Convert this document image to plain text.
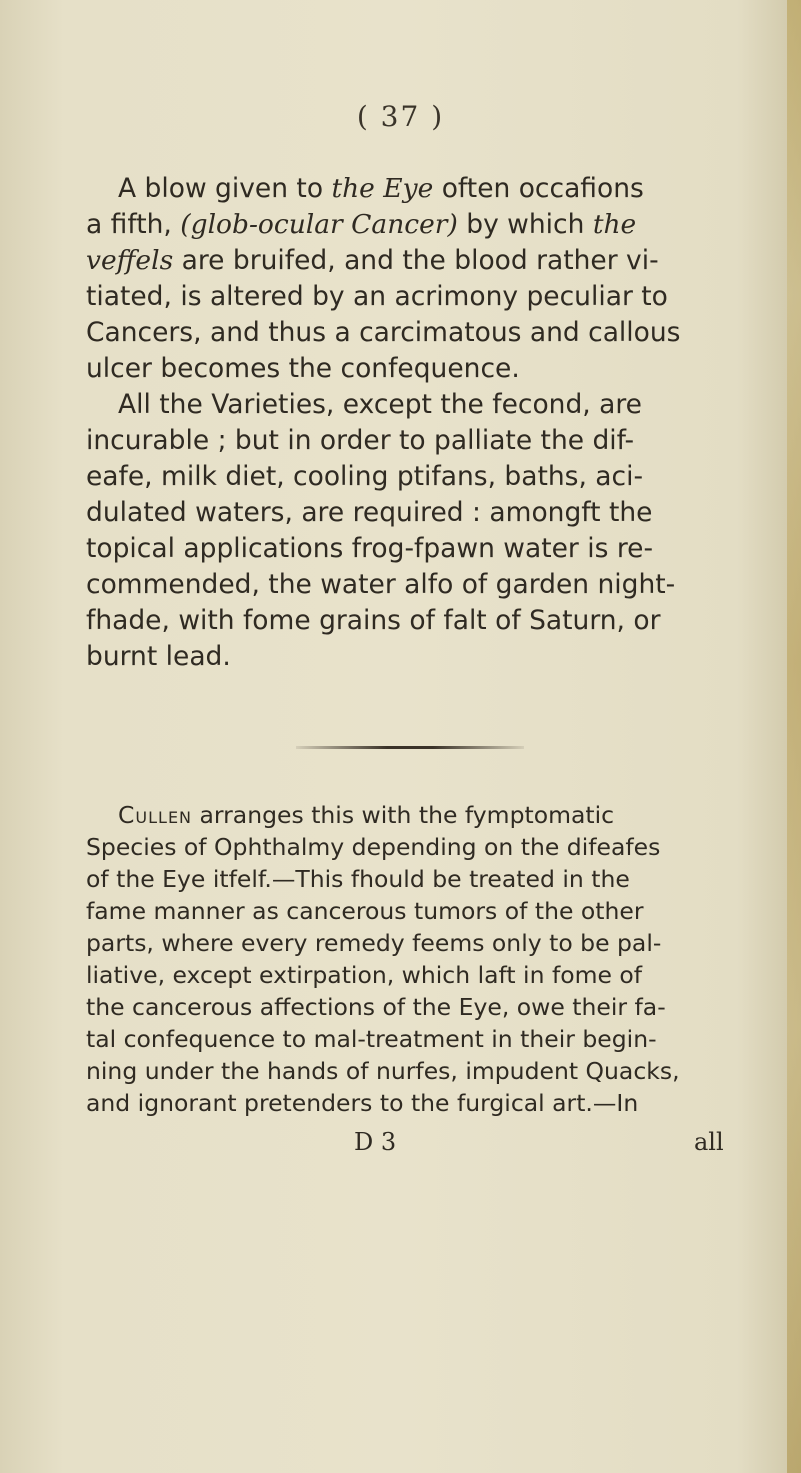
( 37 )
A blow given to the Eye often occafions
a fifth, (glob-ocular Cancer) by which the
veffels are bruifed, and the blood rather vi-
tiated, is altered by an acrimony peculiar to
Cancers, and thus a carcimatous and callous
ulcer becomes the confequence.
All the Varieties, except the fecond, are
incurable ; but in order to palliate the dif-
eafe, milk diet, cooling ptifans, baths, aci-
dulated waters, are required : amongft the
topical applications frog-fpawn water is re-
commended, the water alfo of garden night-
fhade, with fome grains of falt of Saturn, or
burnt lead.
Cullen arranges this with the fymptomatic
Species of Ophthalmy depending on the difeafes
of the Eye itfelf.—This fhould be treated in the
fame manner as cancerous tumors of the other
parts, where every remedy feems only to be pal-
liative, except extirpation, which laft in fome of
the cancerous affections of the Eye, owe their fa-
tal confequence to mal-treatment in their begin-
ning under the hands of nurfes, impudent Quacks,
and ignorant pretenders to the furgical art.—In
D 3	all
